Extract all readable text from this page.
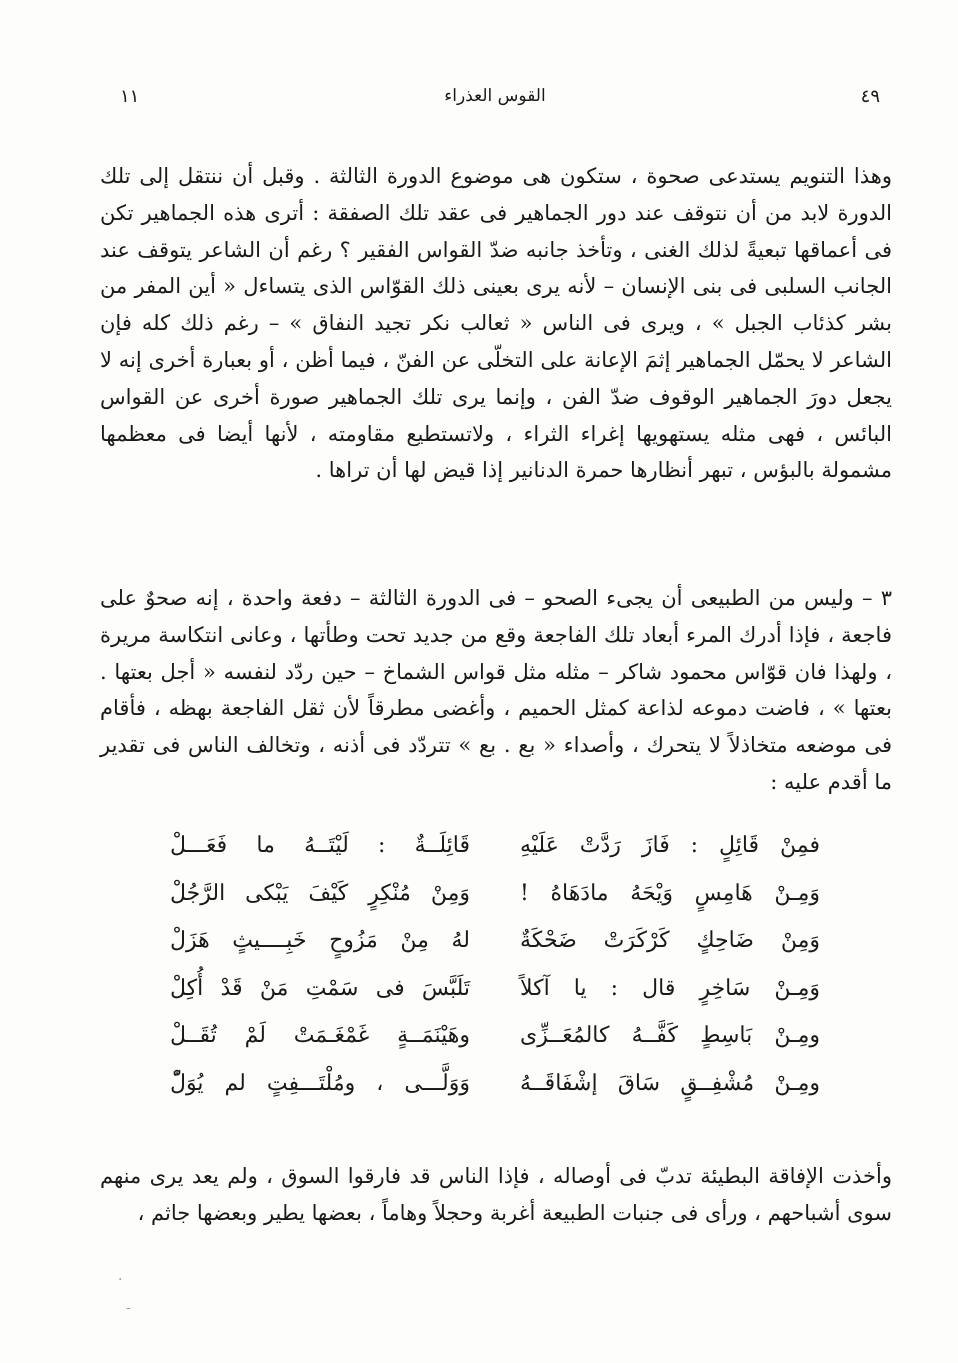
٤٩
القوس العذراء
١١

وهذا التنويم يستدعى صحوة ، ستكون هى موضوع الدورة الثالثة . وقبل أن ننتقل إلى تلك الدورة لابد من أن نتوقف عند دور الجماهير فى عقد تلك الصفقة : أترى هذه الجماهير تكن فى أعماقها تبعيةً لذلك الغنى ، وتأخذ جانبه ضدّ القواس الفقير ؟ رغم أن الشاعر يتوقف عند الجانب السلبى فى بنى الإنسان – لأنه يرى بعينى ذلك القوّاس الذى يتساءل « أين المفر من بشر كذئاب الجبل » ، ويرى فى الناس « ثعالب نكر تجيد النفاق » – رغم ذلك كله فإن الشاعر لا يحمّل الجماهير إثمَ الإعانة على التخلّى عن الفنّ ، فيما أظن ، أو بعبارة أخرى إنه لا يجعل دورَ الجماهير الوقوف ضدّ الفن ، وإنما يرى تلك الجماهير صورة أخرى عن القواس البائس ، فهى مثله يستهويها إغراء الثراء ، ولاتستطيع مقاومته ، لأنها أيضا فى معظمها مشمولة بالبؤس ، تبهر أنظارها حمرة الدنانير إذا قيض لها أن تراها .

٣ – وليس من الطبيعى أن يجىء الصحو – فى الدورة الثالثة – دفعة واحدة ، إنه صحوٌ على فاجعة ، فإذا أدرك المرء أبعاد تلك الفاجعة وقع من جديد تحت وطأتها ، وعانى انتكاسة مريرة ، ولهذا فان قوّاس محمود شاكر – مثله مثل قواس الشماخ – حين ردّد لنفسه « أجل بعتها . بعتها » ، فاضت دموعه لذاعة كمثل الحميم ، وأغضى مطرقاً لأن ثقل الفاجعة بهظه ، فأقام فى موضعه متخاذلاً لا يتحرك ، وأصداء « بع . بع » تتردّد فى أذنه ، وتخالف الناس فى تقدير ما أقدم عليه :

فمِنْ قَائِلٍ : فَازَ رَدَّتْ عَلَيْهِ
قَائِلَــةٌ : لَيْتَــهُ ما فَعَـــلْ
وَمِـنْ هَامِسٍ وَيْحَهُ مادَهَاهُ !
وَمِنْ مُنْكِرٍ كَيْفَ يَبْكى الرَّجُلْ
وَمِنْ ضَاحِكٍ كَرْكَرَتْ ضَحْكَةٌ
لهُ مِنْ مَزُوحٍ خَبِــــيثٍ هَزَلْ
وَمِـنْ سَاخِرٍ قال : يا آكلاً
تَلَبَّسَ فى سَمْتِ مَنْ قَدْ أُكِلْ
ومِـنْ بَاسِطٍ كَفَّــهُ كالمُعَــزِّى
وهَيْنَمَــةٍ غَمْغَـمَتْ لَمْ تُقَــلْ
ومِـنْ مُشْفِــقٍ سَاقَ إشْفَاقَــهُ
وَوَلَّـــى ، ومُلْتَـــفِتٍ لم يُوَلّْ

وأخذت الإفاقة البطيئة تدبّ فى أوصاله ، فإذا الناس قد فارقوا السوق ، ولم يعد يرى منهم سوى أشباحهم ، ورأى فى جنبات الطبيعة أغربة وحجلاً وهاماً ، بعضها يطير وبعضها جاثم ،

·
-
